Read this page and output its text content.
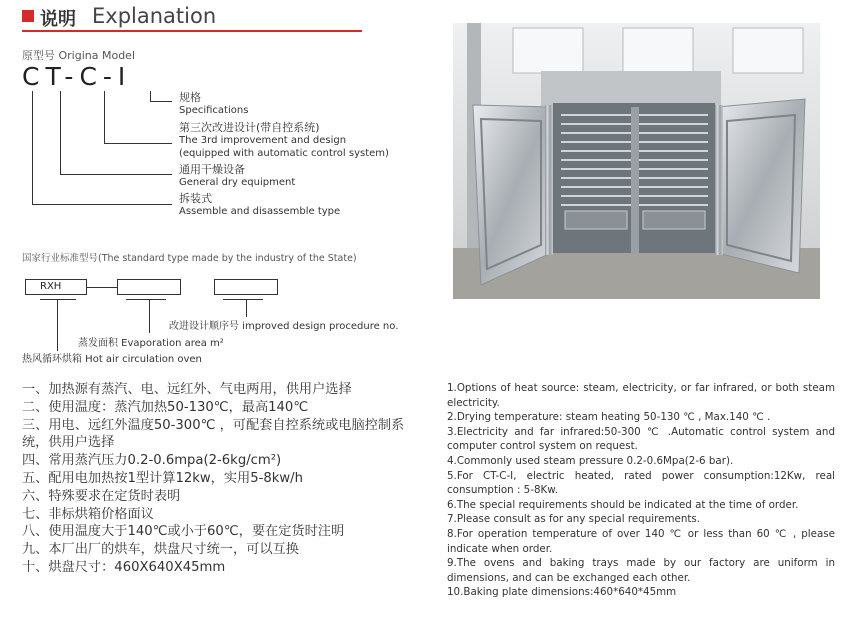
说明 Explanation
原型号 Origina Model
CT-C-I
规格
Specifications
第三次改进设计(带自控系统)
The 3rd improvement and design
(equipped with automatic control system)
通用干燥设备
General dry equipment
拆装式
Assemble and disassemble type
国家行业标准型号(The standard type made by the industry of the State)
RXH
改进设计顺序号 improved design procedure no.
蒸发面积 Evaporation area m²
热风循环烘箱 Hot air circulation oven
一、加热源有蒸汽、电、远红外、气电两用，供用户选择
二、使用温度：蒸汽加热50-130℃，最高140℃
三、用电、远红外温度50-300℃ ，可配套自控系统或电脑控制系
统，供用户选择
四、常用蒸汽压力0.2-0.6mpa(2-6kg/cm²)
五、配用电加热按1型计算12kw，实用5-8kw/h
六、特殊要求在定货时表明
七、非标烘箱价格面议
八、使用温度大于140℃或小于60℃，要在定货时注明
九、本厂出厂的烘车，烘盘尺寸统一，可以互换
十、烘盘尺寸：460X640X45mm
1.Options of heat source: steam, electricity, or far infrared, or both steam electricity.
2.Drying temperature: steam heating 50-130 ℃ , Max.140 ℃ .
3.Electricity and far infrared:50-300 ℃ .Automatic control system and computer control system on request.
4.Commonly used steam pressure 0.2-0.6Mpa(2-6 bar).
5.For CT-C-I, electric heated, rated power consumption:12Kw, real consumption : 5-8Kw.
6.The special requirements should be indicated at the time of order.
7.Please consult as for any special requirements.
8.For operation temperature of over 140 ℃ or less than 60 ℃ , please indicate when order.
9.The ovens and baking trays made by our factory are uniform in dimensions, and can be exchanged each other.
10.Baking plate dimensions:460*640*45mm
